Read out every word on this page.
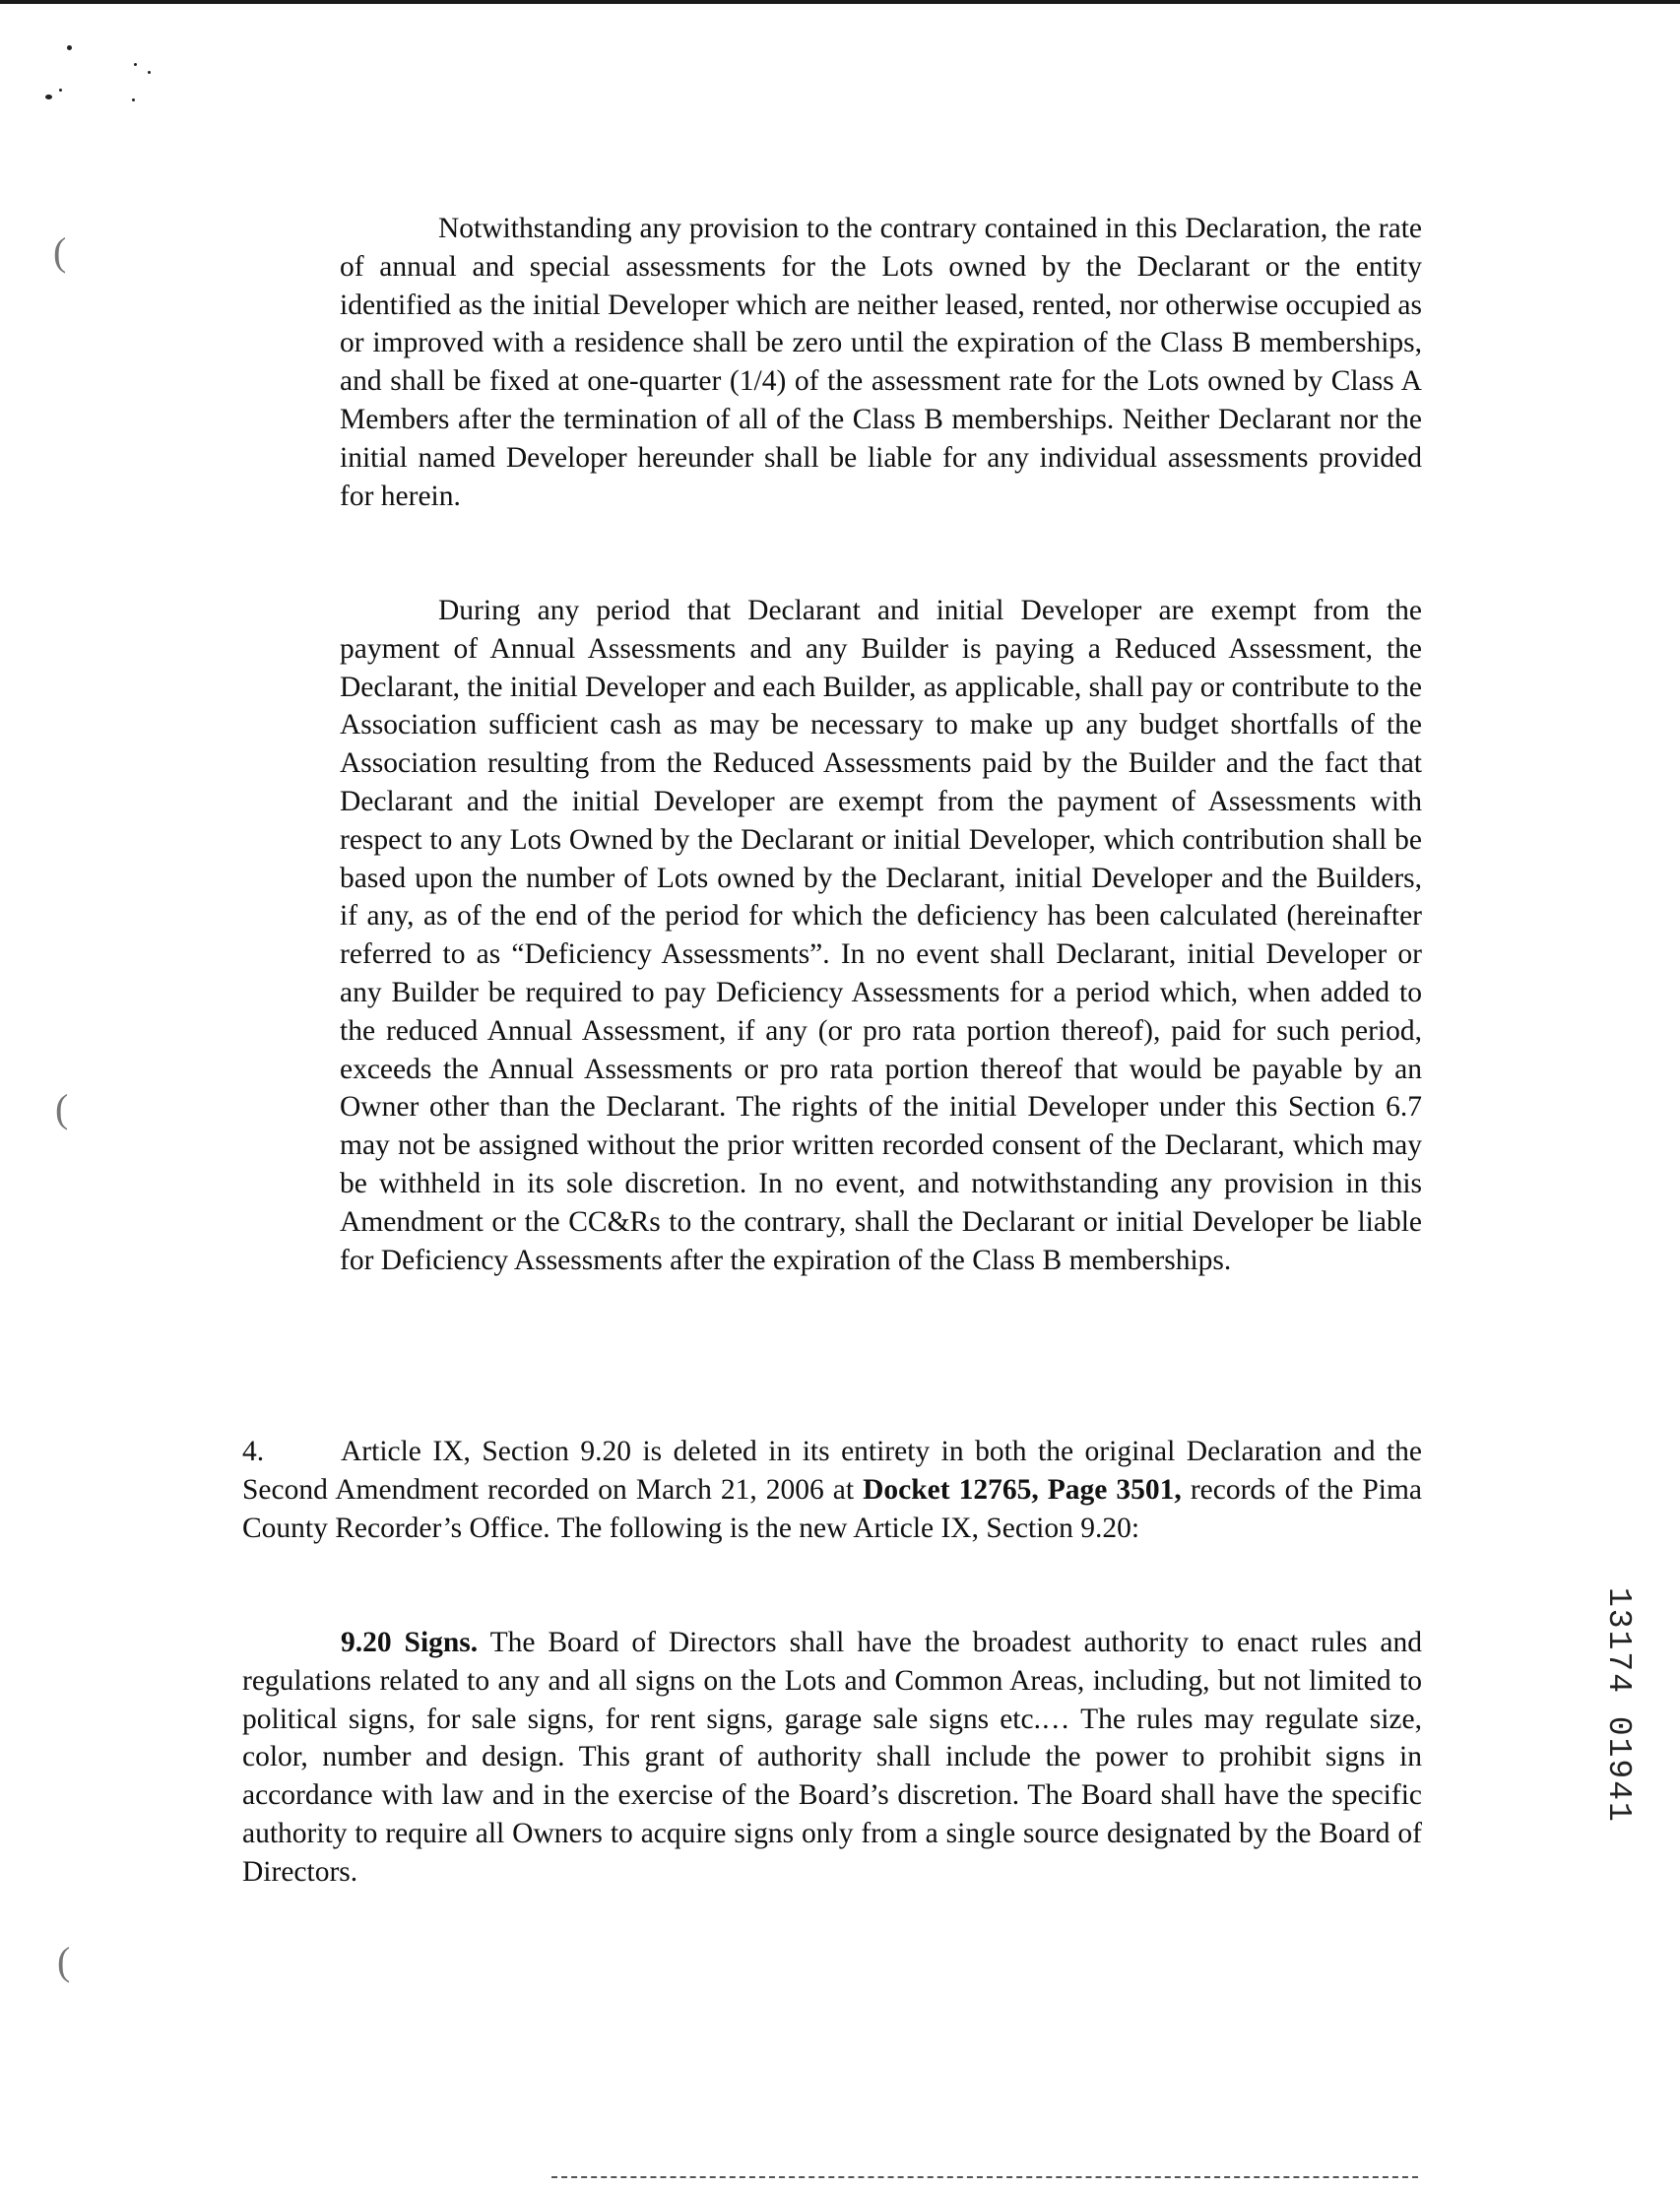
(
(
(

Notwithstanding any provision to the contrary contained in this Declaration, the rate of annual and special assessments for the Lots owned by the Declarant or the entity identified as the initial Developer which are neither leased, rented, nor otherwise occupied as or improved with a residence shall be zero until the expiration of the Class B memberships, and shall be fixed at one-quarter (1/4) of the assessment rate for the Lots owned by Class A Members after the termination of all of the Class B memberships. Neither Declarant nor the initial named Developer hereunder shall be liable for any individual assessments provided for herein.

During any period that Declarant and initial Developer are exempt from the payment of Annual Assessments and any Builder is paying a Reduced Assessment, the Declarant, the initial Developer and each Builder, as applicable, shall pay or contribute to the Association sufficient cash as may be necessary to make up any budget shortfalls of the Association resulting from the Reduced Assessments paid by the Builder and the fact that Declarant and the initial Developer are exempt from the payment of Assessments with respect to any Lots Owned by the Declarant or initial Developer, which contribution shall be based upon the number of Lots owned by the Declarant, initial Developer and the Builders, if any, as of the end of the period for which the deficiency has been calculated (hereinafter referred to as “Deficiency Assessments”. In no event shall Declarant, initial Developer or any Builder be required to pay Deficiency Assessments for a period which, when added to the reduced Annual Assessment, if any (or pro rata portion thereof), paid for such period, exceeds the Annual Assessments or pro rata portion thereof that would be payable by an Owner other than the Declarant. The rights of the initial Developer under this Section 6.7 may not be assigned without the prior written recorded consent of the Declarant, which may be withheld in its sole discretion. In no event, and notwithstanding any provision in this Amendment or the CC&Rs to the contrary, shall the Declarant or initial Developer be liable for Deficiency Assessments after the expiration of the Class B memberships.

4.	Article IX, Section 9.20 is deleted in its entirety in both the original Declaration and the Second Amendment recorded on March 21, 2006 at Docket 12765, Page 3501, records of the Pima County Recorder’s Office. The following is the new Article IX, Section 9.20:

9.20 Signs. The Board of Directors shall have the broadest authority to enact rules and regulations related to any and all signs on the Lots and Common Areas, including, but not limited to political signs, for sale signs, for rent signs, garage sale signs etc.… The rules may regulate size, color, number and design. This grant of authority shall include the power to prohibit signs in accordance with law and in the exercise of the Board’s discretion. The Board shall have the specific authority to require all Owners to acquire signs only from a single source designated by the Board of Directors.

13174 01941
